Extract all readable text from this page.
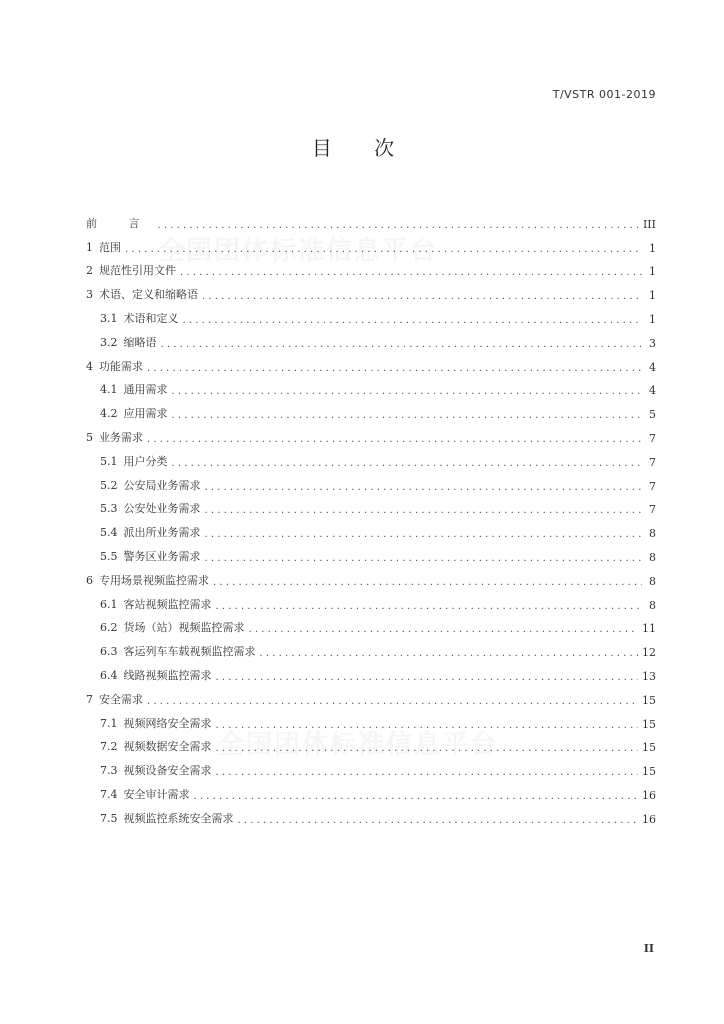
T/VSTR 001-2019
目 次
全国团体标准信息平台
全国团体标准信息平台
前 言 .....	III
1 范围 .....	1
2 规范性引用文件 .....	1
3 术语、定义和缩略语 .....	1
3.1 术语和定义 .....	1
3.2 缩略语 .....	3
4 功能需求 .....	4
4.1 通用需求 .....	4
4.2 应用需求 .....	5
5 业务需求 .....	7
5.1 用户分类 .....	7
5.2 公安局业务需求 .....	7
5.3 公安处业务需求 .....	7
5.4 派出所业务需求 .....	8
5.5 警务区业务需求 .....	8
6 专用场景视频监控需求 .....	8
6.1 客站视频监控需求 .....	8
6.2 货场（站）视频监控需求 .....	11
6.3 客运列车车载视频监控需求 .....	12
6.4 线路视频监控需求 .....	13
7 安全需求 .....	15
7.1 视频网络安全需求 .....	15
7.2 视频数据安全需求 .....	15
7.3 视频设备安全需求 .....	15
7.4 安全审计需求 .....	16
7.5 视频监控系统安全需求 .....	16
II
